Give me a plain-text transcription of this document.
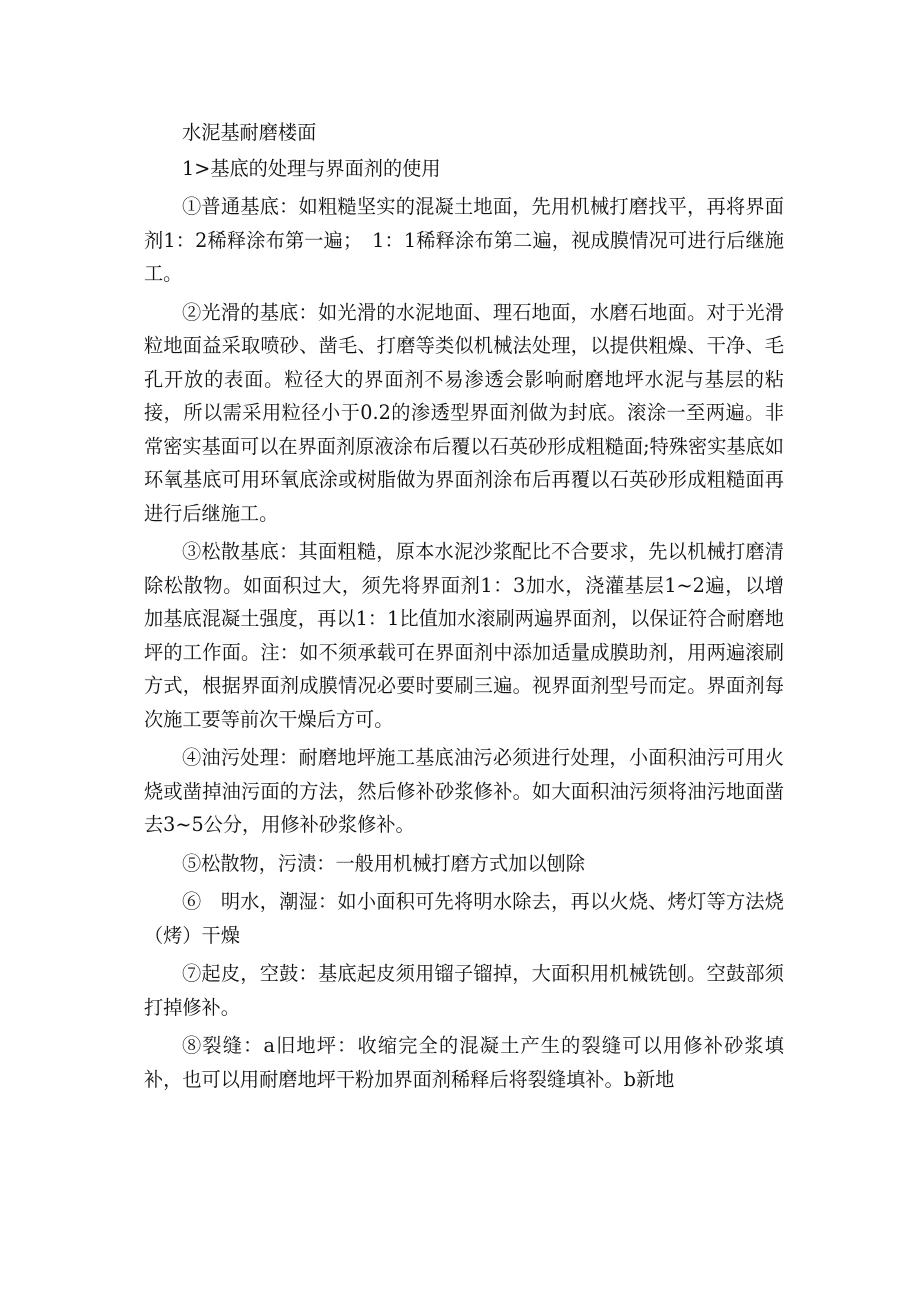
水泥基耐磨楼面

1>基底的处理与界面剂的使用

①普通基底：如粗糙坚实的混凝土地面，先用机械打磨找平，再将界面剂1：2稀释涂布第一遍；　1：1稀释涂布第二遍，视成膜情况可进行后继施工。

②光滑的基底：如光滑的水泥地面、理石地面，水磨石地面。对于光滑粒地面益采取喷砂、凿毛、打磨等类似机械法处理，以提供粗燥、干净、毛孔开放的表面。粒径大的界面剂不易渗透会影响耐磨地坪水泥与基层的粘接，所以需采用粒径小于0.2的渗透型界面剂做为封底。滚涂一至两遍。非常密实基面可以在界面剂原液涂布后覆以石英砂形成粗糙面;特殊密实基底如环氧基底可用环氧底涂或树脂做为界面剂涂布后再覆以石英砂形成粗糙面再进行后继施工。

③松散基底：其面粗糙，原本水泥沙浆配比不合要求，先以机械打磨清除松散物。如面积过大，须先将界面剂1：3加水，浇灌基层1~2遍，以增加基底混凝土强度，再以1：1比值加水滚刷两遍界面剂，以保证符合耐磨地坪的工作面。注：如不须承载可在界面剂中添加适量成膜助剂，用两遍滚刷方式，根据界面剂成膜情况必要时要刷三遍。视界面剂型号而定。界面剂每次施工要等前次干燥后方可。

④油污处理：耐磨地坪施工基底油污必须进行处理，小面积油污可用火烧或凿掉油污面的方法，然后修补砂浆修补。如大面积油污须将油污地面凿去3~5公分，用修补砂浆修补。

⑤松散物，污渍：一般用机械打磨方式加以刨除

⑥　明水，潮湿：如小面积可先将明水除去，再以火烧、烤灯等方法烧（烤）干燥

⑦起皮，空鼓：基底起皮须用镏子镏掉，大面积用机械铣刨。空鼓部须打掉修补。

⑧裂缝：a旧地坪：收缩完全的混凝土产生的裂缝可以用修补砂浆填补，也可以用耐磨地坪干粉加界面剂稀释后将裂缝填补。b新地
